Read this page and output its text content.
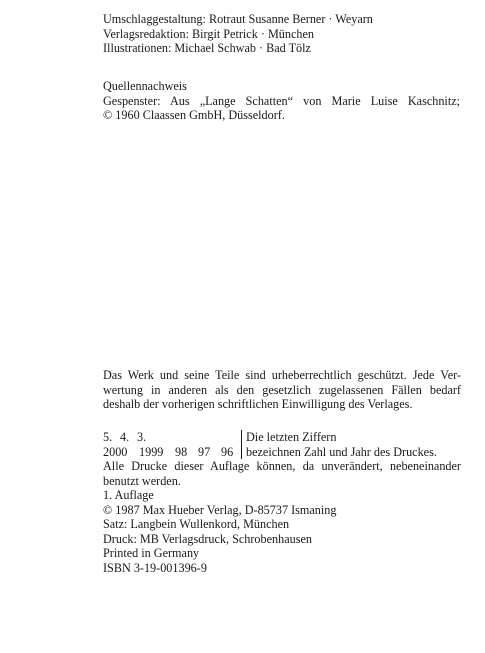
Umschlaggestaltung: Rotraut Susanne Berner · Weyarn
Verlagsredaktion: Birgit Petrick · München
Illustrationen: Michael Schwab · Bad Tölz
Quellennachweis
Gespenster: Aus „Lange Schatten“ von Marie Luise Kaschnitz;
© 1960 Claassen GmbH, Düsseldorf.
Das Werk und seine Teile sind urheberrechtlich geschützt. Jede Ver-
wertung in anderen als den gesetzlich zugelassenen Fällen bedarf
deshalb der vorherigen schriftlichen Einwilligung des Verlages.
5. 4. 3.	Die letzten Ziffern
2000 1999 98 97 96	bezeichnen Zahl und Jahr des Druckes.
Alle Drucke dieser Auflage können, da unverändert, nebeneinander
benutzt werden.
1. Auflage
© 1987 Max Hueber Verlag, D-85737 Ismaning
Satz: Langbein Wullenkord, München
Druck: MB Verlagsdruck, Schrobenhausen
Printed in Germany
ISBN 3-19-001396-9
